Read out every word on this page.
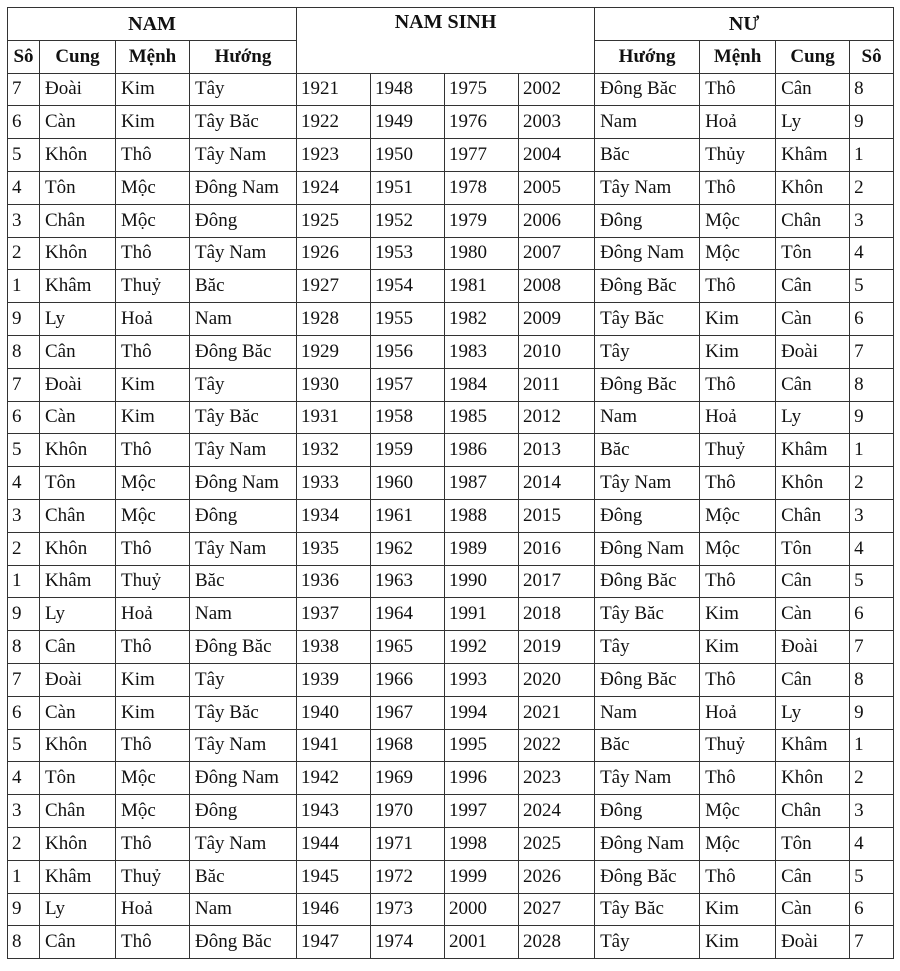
NAM				NAM SINH				NƯ			
Sô	Cung	Mệnh	Hướng					Hướng	Mệnh	Cung	Sô
7	Đoài	Kim	Tây	1921	1948	1975	2002	Đông Băc	Thô	Cân	8
6	Càn	Kim	Tây Băc	1922	1949	1976	2003	Nam	Hoả	Ly	9
5	Khôn	Thô	Tây Nam	1923	1950	1977	2004	Băc	Thủy	Khâm	1
4	Tôn	Mộc	Đông Nam	1924	1951	1978	2005	Tây Nam	Thô	Khôn	2
3	Chân	Mộc	Đông	1925	1952	1979	2006	Đông	Mộc	Chân	3
2	Khôn	Thô	Tây Nam	1926	1953	1980	2007	Đông Nam	Mộc	Tôn	4
1	Khâm	Thuỷ	Băc	1927	1954	1981	2008	Đông Băc	Thô	Cân	5
9	Ly	Hoả	Nam	1928	1955	1982	2009	Tây Băc	Kim	Càn	6
8	Cân	Thô	Đông Băc	1929	1956	1983	2010	Tây	Kim	Đoài	7
7	Đoài	Kim	Tây	1930	1957	1984	2011	Đông Băc	Thô	Cân	8
6	Càn	Kim	Tây Băc	1931	1958	1985	2012	Nam	Hoả	Ly	9
5	Khôn	Thô	Tây Nam	1932	1959	1986	2013	Băc	Thuỷ	Khâm	1
4	Tôn	Mộc	Đông Nam	1933	1960	1987	2014	Tây Nam	Thô	Khôn	2
3	Chân	Mộc	Đông	1934	1961	1988	2015	Đông	Mộc	Chân	3
2	Khôn	Thô	Tây Nam	1935	1962	1989	2016	Đông Nam	Mộc	Tôn	4
1	Khâm	Thuỷ	Băc	1936	1963	1990	2017	Đông Băc	Thô	Cân	5
9	Ly	Hoả	Nam	1937	1964	1991	2018	Tây Băc	Kim	Càn	6
8	Cân	Thô	Đông Băc	1938	1965	1992	2019	Tây	Kim	Đoài	7
7	Đoài	Kim	Tây	1939	1966	1993	2020	Đông Băc	Thô	Cân	8
6	Càn	Kim	Tây Băc	1940	1967	1994	2021	Nam	Hoả	Ly	9
5	Khôn	Thô	Tây Nam	1941	1968	1995	2022	Băc	Thuỷ	Khâm	1
4	Tôn	Mộc	Đông Nam	1942	1969	1996	2023	Tây Nam	Thô	Khôn	2
3	Chân	Mộc	Đông	1943	1970	1997	2024	Đông	Mộc	Chân	3
2	Khôn	Thô	Tây Nam	1944	1971	1998	2025	Đông Nam	Mộc	Tôn	4
1	Khâm	Thuỷ	Băc	1945	1972	1999	2026	Đông Băc	Thô	Cân	5
9	Ly	Hoả	Nam	1946	1973	2000	2027	Tây Băc	Kim	Càn	6
8	Cân	Thô	Đông Băc	1947	1974	2001	2028	Tây	Kim	Đoài	7
